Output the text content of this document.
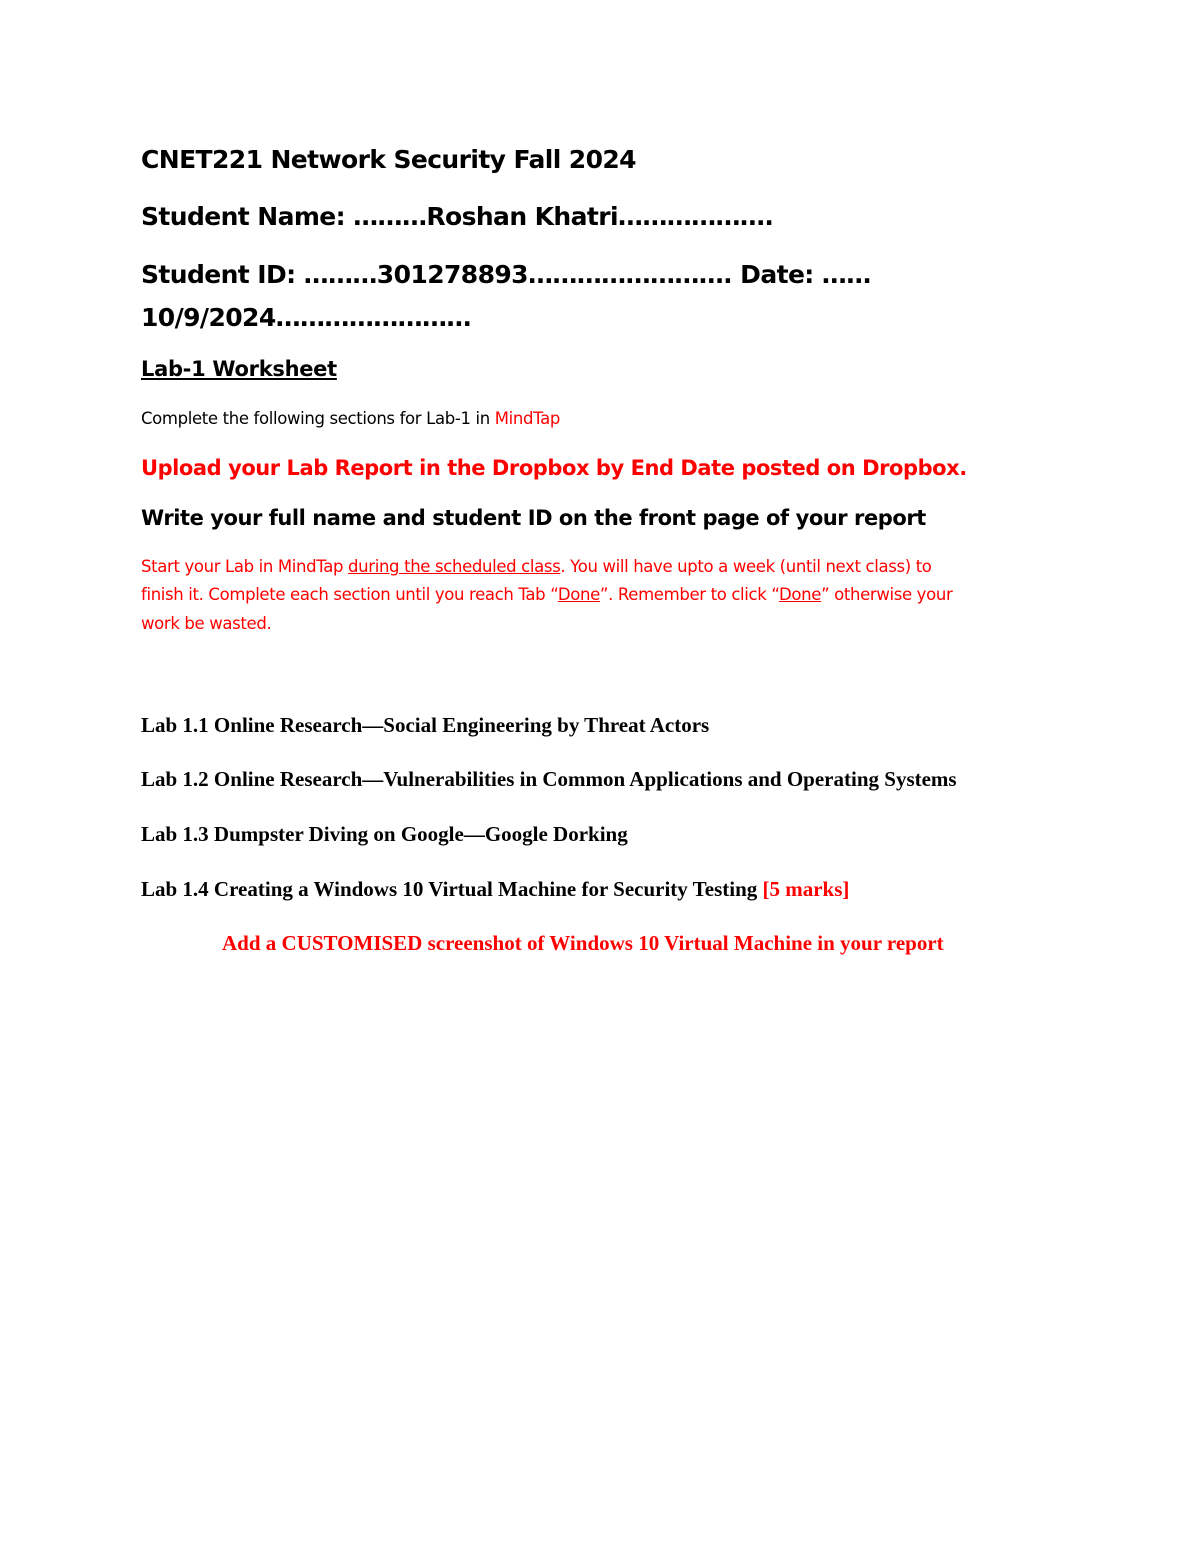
CNET221 Network Security Fall 2024
Student Name: ………Roshan Khatri……………….
Student ID: ………301278893……………………. Date: ……
10/9/2024……………………
Lab-1 Worksheet
Complete the following sections for Lab-1 in MindTap
Upload your Lab Report in the Dropbox by End Date posted on Dropbox.
Write your full name and student ID on the front page of your report
Start your Lab in MindTap during the scheduled class. You will have upto a week (until next class) to
finish it. Complete each section until you reach Tab “Done”. Remember to click “Done” otherwise your
work be wasted.
Lab 1.1 Online Research—Social Engineering by Threat Actors
Lab 1.2 Online Research—Vulnerabilities in Common Applications and Operating Systems
Lab 1.3 Dumpster Diving on Google—Google Dorking
Lab 1.4 Creating a Windows 10 Virtual Machine for Security Testing [5 marks]
Add a CUSTOMISED screenshot of Windows 10 Virtual Machine in your report
